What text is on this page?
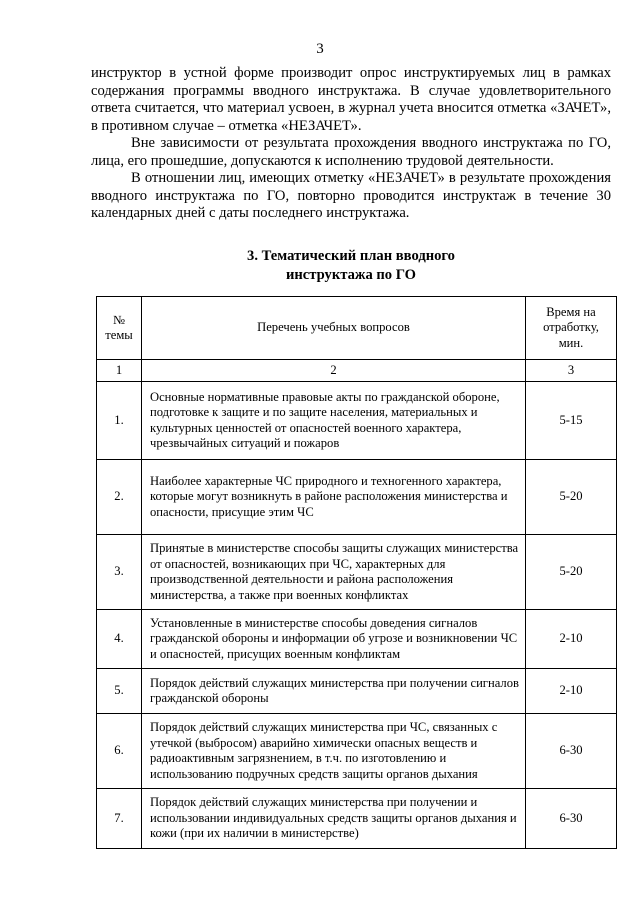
3

инструктор в устной форме производит опрос инструктируемых лиц в рамках содержания программы вводного инструктажа. В случае удовлетворительного ответа считается, что материал усвоен, в журнал учета вносится отметка «ЗАЧЕТ», в противном случае – отметка «НЕЗАЧЕТ».

Вне зависимости от результата прохождения вводного инструктажа по ГО, лица, его прошедшие, допускаются к исполнению трудовой деятельности.

В отношении лиц, имеющих отметку «НЕЗАЧЕТ» в результате прохождения вводного инструктажа по ГО, повторно проводится инструктаж в течение 30 календарных дней с даты последнего инструктажа.

3. Тематический план вводного
инструктажа по ГО
№ темы	Перечень учебных вопросов	Время на отработку, мин.
1	2	3
1.	Основные нормативные правовые акты по гражданской обороне, подготовке к защите и по защите населения, материальных и культурных ценностей от опасностей военного характера, чрезвычайных ситуаций и пожаров	5-15
2.	Наиболее характерные ЧС природного и техногенного характера, которые могут возникнуть в районе расположения министерства и опасности, присущие этим ЧС	5-20
3.	Принятые в министерстве способы защиты служащих министерства от опасностей, возникающих при ЧС, характерных для производственной деятельности и района расположения министерства, а также при военных конфликтах	5-20
4.	Установленные в министерстве способы доведения сигналов гражданской обороны и информации об угрозе и возникновении ЧС и опасностей, присущих военным конфликтам	2-10
5.	Порядок действий служащих министерства при получении сигналов гражданской обороны	2-10
6.	Порядок действий служащих министерства при ЧС, связанных с утечкой (выбросом) аварийно химически опасных веществ и радиоактивным загрязнением, в т.ч. по изготовлению и использованию подручных средств защиты органов дыхания	6-30
7.	Порядок действий служащих министерства при получении и использовании индивидуальных средств защиты органов дыхания и кожи (при их наличии в министерстве)	6-30
